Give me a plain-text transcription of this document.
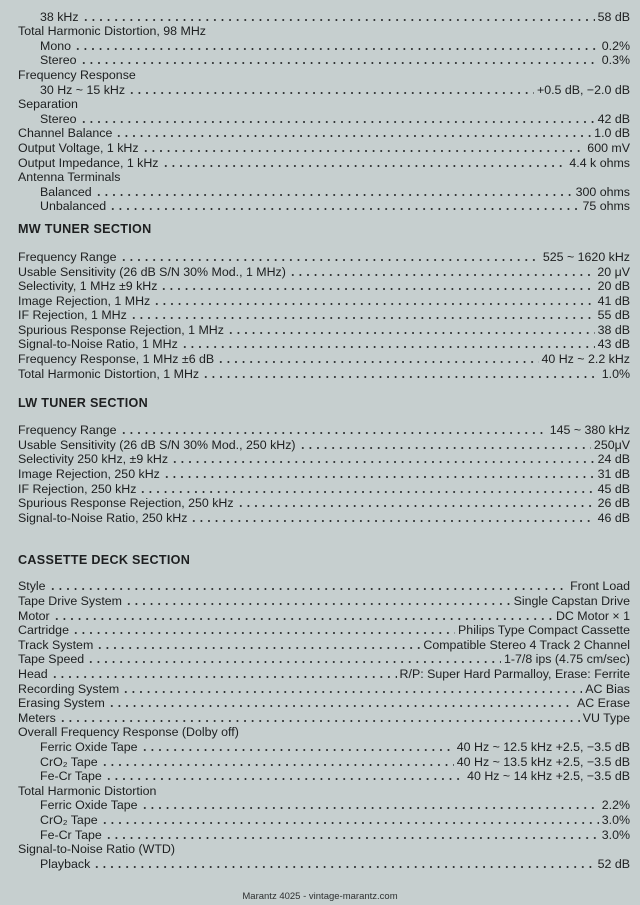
38 kHz	58 dB
Total Harmonic Distortion, 98 MHz
Mono	0.2%
Stereo	0.3%
Frequency Response
30 Hz ~ 15 kHz	+0.5 dB, −2.0 dB
Separation
Stereo	42 dB
Channel Balance	1.0 dB
Output Voltage, 1 kHz	600 mV
Output Impedance, 1 kHz	4.4 k ohms
Antenna Terminals
Balanced	300 ohms
Unbalanced	75 ohms
MW TUNER SECTION
Frequency Range	525 ~ 1620 kHz
Usable Sensitivity (26 dB S/N 30% Mod., 1 MHz)	20 μV
Selectivity, 1 MHz ±9 kHz	20 dB
Image Rejection, 1 MHz	41 dB
IF Rejection, 1 MHz	55 dB
Spurious Response Rejection, 1 MHz	38 dB
Signal-to-Noise Ratio, 1 MHz	43 dB
Frequency Response, 1 MHz ±6 dB	40 Hz ~ 2.2 kHz
Total Harmonic Distortion, 1 MHz	1.0%
LW TUNER SECTION
Frequency Range	145 ~ 380 kHz
Usable Sensitivity (26 dB S/N 30% Mod., 250 kHz)	250μV
Selectivity 250 kHz, ±9 kHz	24 dB
Image Rejection, 250 kHz	31 dB
IF Rejection, 250 kHz	45 dB
Spurious Response Rejection, 250 kHz	26 dB
Signal-to-Noise Ratio, 250 kHz	46 dB
CASSETTE DECK SECTION
Style	Front Load
Tape Drive System	Single Capstan Drive
Motor	DC Motor × 1
Cartridge	Philips Type Compact Cassette
Track System	Compatible Stereo 4 Track 2 Channel
Tape Speed	1-7/8 ips (4.75 cm/sec)
Head	R/P: Super Hard Parmalloy, Erase: Ferrite
Recording System	AC Bias
Erasing System	AC Erase
Meters	VU Type
Overall Frequency Response (Dolby off)
Ferric Oxide Tape	40 Hz ~ 12.5 kHz +2.5, −3.5 dB
CrO₂ Tape	40 Hz ~ 13.5 kHz +2.5, −3.5 dB
Fe-Cr Tape	40 Hz ~ 14 kHz +2.5, −3.5 dB
Total Harmonic Distortion
Ferric Oxide Tape	2.2%
CrO₂ Tape	3.0%
Fe-Cr Tape	3.0%
Signal-to-Noise Ratio (WTD)
Playback	52 dB
Marantz 4025 - vintage-marantz.com
